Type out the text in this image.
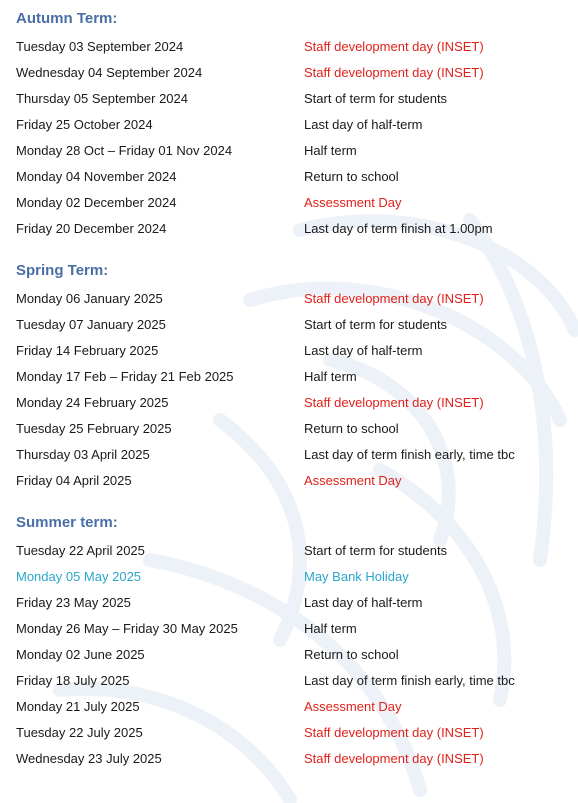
Autumn Term:
Tuesday 03 September 2024	Staff development day (INSET)
Wednesday 04 September 2024	Staff development day (INSET)
Thursday 05 September 2024	Start of term for students
Friday 25 October 2024	Last day of half-term
Monday 28 Oct – Friday 01 Nov 2024	Half term
Monday 04 November 2024	Return to school
Monday 02 December 2024	Assessment Day
Friday 20 December 2024	Last day of term finish at 1.00pm
Spring Term:
Monday 06 January 2025	Staff development day (INSET)
Tuesday 07 January 2025	Start of term for students
Friday 14 February 2025	Last day of half-term
Monday 17 Feb – Friday 21 Feb 2025	Half term
Monday 24 February 2025	Staff development day (INSET)
Tuesday 25 February 2025	Return to school
Thursday 03 April 2025	Last day of term finish early, time tbc
Friday 04 April 2025	Assessment Day
Summer term:
Tuesday 22 April 2025	Start of term for students
Monday 05 May 2025	May Bank Holiday
Friday 23 May 2025	Last day of half-term
Monday 26 May – Friday 30 May 2025	Half term
Monday 02 June 2025	Return to school
Friday 18 July 2025	Last day of term finish early, time tbc
Monday 21 July 2025	Assessment Day
Tuesday 22 July 2025	Staff development day (INSET)
Wednesday 23 July 2025	Staff development day (INSET)
